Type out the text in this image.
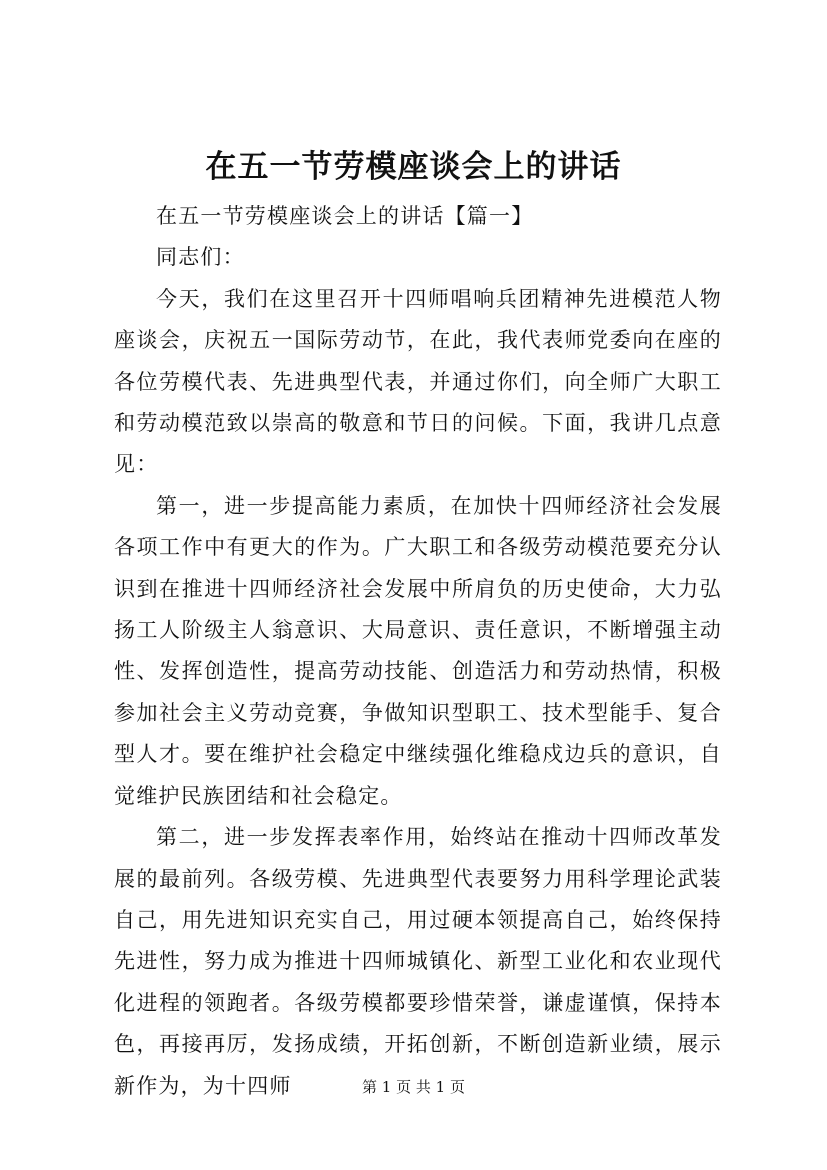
在五一节劳模座谈会上的讲话

在五一节劳模座谈会上的讲话【篇一】

同志们：

今天，我们在这里召开十四师唱响兵团精神先进模范人物座谈会，庆祝五一国际劳动节，在此，我代表师党委向在座的各位劳模代表、先进典型代表，并通过你们，向全师广大职工和劳动模范致以崇高的敬意和节日的问候。下面，我讲几点意见：

第一，进一步提高能力素质，在加快十四师经济社会发展各项工作中有更大的作为。广大职工和各级劳动模范要充分认识到在推进十四师经济社会发展中所肩负的历史使命，大力弘扬工人阶级主人翁意识、大局意识、责任意识，不断增强主动性、发挥创造性，提高劳动技能、创造活力和劳动热情，积极参加社会主义劳动竞赛，争做知识型职工、技术型能手、复合型人才。要在维护社会稳定中继续强化维稳戍边兵的意识，自觉维护民族团结和社会稳定。

第二，进一步发挥表率作用，始终站在推动十四师改革发展的最前列。各级劳模、先进典型代表要努力用科学理论武装自己，用先进知识充实自己，用过硬本领提高自己，始终保持先进性，努力成为推进十四师城镇化、新型工业化和农业现代化进程的领跑者。各级劳模都要珍惜荣誉，谦虚谨慎，保持本色，再接再厉，发扬成绩，开拓创新，不断创造新业绩，展示新作为，为十四师	第 1 页 共 1 页
